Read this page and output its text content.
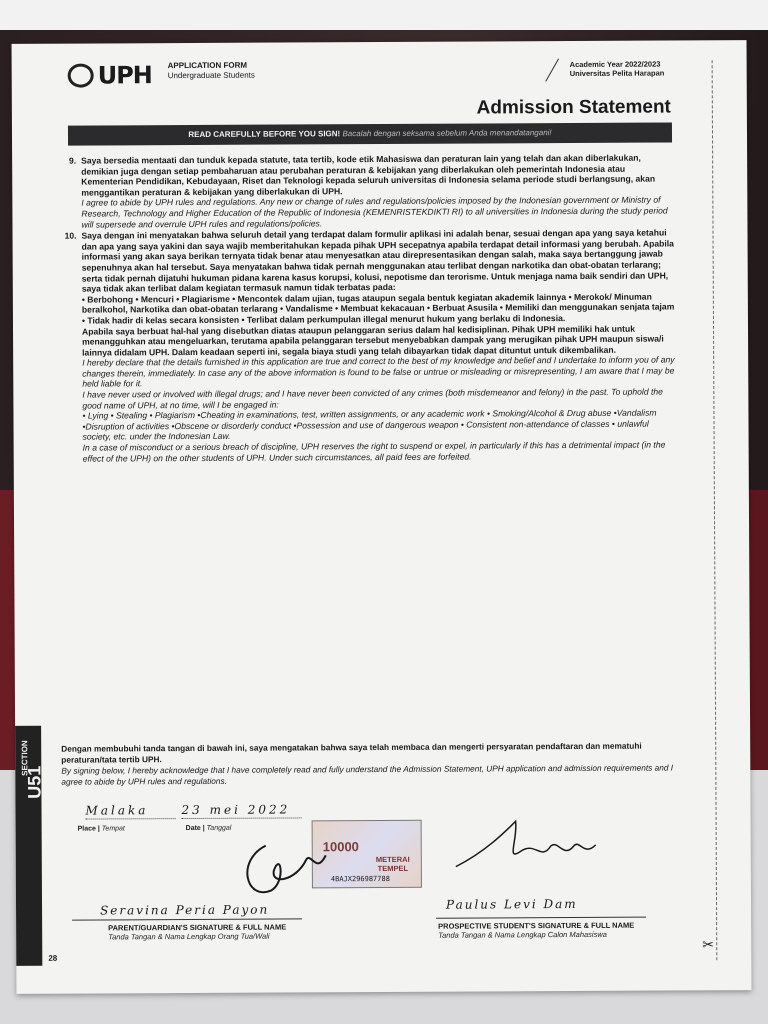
UPH APPLICATION FORM
Undergraduate Students
Academic Year 2022/2023
Universitas Pelita Harapan
Admission Statement
READ CAREFULLY BEFORE YOU SIGN! Bacalah dengan seksama sebelum Anda menandatangani!
9. Saya bersedia mentaati dan tunduk kepada statute, tata tertib, kode etik Mahasiswa dan peraturan lain yang telah dan akan diberlakukan, demikian juga dengan setiap pembaharuan atau perubahan peraturan & kebijakan yang diberlakukan oleh pemerintah Indonesia atau Kementerian Pendidikan, Kebudayaan, Riset dan Teknologi kepada seluruh universitas di Indonesia selama periode studi berlangsung, akan menggantikan peraturan & kebijakan yang diberlakukan di UPH.

I agree to abide by UPH rules and regulations. Any new or change of rules and regulations/policies imposed by the Indonesian government or Ministry of Research, Technology and Higher Education of the Republic of Indonesia (KEMENRISTEKDIKTI RI) to all universities in Indonesia during the study period will supersede and overrule UPH rules and regulations/policies.

10. Saya dengan ini menyatakan bahwa seluruh detail yang terdapat dalam formulir aplikasi ini adalah benar, sesuai dengan apa yang saya ketahui dan apa yang saya yakini dan saya wajib memberitahukan kepada pihak UPH secepatnya apabila terdapat detail informasi yang berubah. Apabila informasi yang akan saya berikan ternyata tidak benar atau menyesatkan atau direpresentasikan dengan salah, maka saya bertanggung jawab sepenuhnya akan hal tersebut. Saya menyatakan bahwa tidak pernah menggunakan atau terlibat dengan narkotika dan obat-obatan terlarang; serta tidak pernah dijatuhi hukuman pidana karena kasus korupsi, kolusi, nepotisme dan terorisme. Untuk menjaga nama baik sendiri dan UPH, saya tidak akan terlibat dalam kegiatan termasuk namun tidak terbatas pada:

• Berbohong • Mencuri • Plagiarisme • Mencontek dalam ujian, tugas ataupun segala bentuk kegiatan akademik lainnya • Merokok/ Minuman beralkohol, Narkotika dan obat-obatan terlarang • Vandalisme • Membuat kekacauan • Berbuat Asusila • Memiliki dan menggunakan senjata tajam • Tidak hadir di kelas secara konsisten • Terlibat dalam perkumpulan illegal menurut hukum yang berlaku di Indonesia.

Apabila saya berbuat hal-hal yang disebutkan diatas ataupun pelanggaran serius dalam hal kedisiplinan. Pihak UPH memiliki hak untuk menangguhkan atau mengeluarkan, terutama apabila pelanggaran tersebut menyebabkan dampak yang merugikan pihak UPH maupun siswa/i lainnya didalam UPH. Dalam keadaan seperti ini, segala biaya studi yang telah dibayarkan tidak dapat dituntut untuk dikembalikan.

I hereby declare that the details furnished in this application are true and correct to the best of my knowledge and belief and I undertake to inform you of any changes therein, immediately. In case any of the above information is found to be false or untrue or misleading or misrepresenting, I am aware that I may be held liable for it.

I have never used or involved with illegal drugs; and I have never been convicted of any crimes (both misdemeanor and felony) in the past. To uphold the good name of UPH, at no time, will I be engaged in:

• Lying • Stealing • Plagiarism •Cheating in examinations, test, written assignments, or any academic work • Smoking/Alcohol & Drug abuse •Vandalism •Disruption of activities •Obscene or disorderly conduct •Possession and use of dangerous weapon • Consistent non-attendance of classes • unlawful society, etc. under the Indonesian Law.

In a case of misconduct or a serious breach of discipline, UPH reserves the right to suspend or expel, in particularly if this has a detrimental impact (in the effect of the UPH) on the other students of UPH. Under such circumstances, all paid fees are forfeited.

SECTION
U51

Dengan membubuhi tanda tangan di bawah ini, saya mengatakan bahwa saya telah membaca dan mengerti persyaratan pendaftaran dan mematuhi peraturan/tata tertib UPH.

By signing below, I hereby acknowledge that I have completely read and fully understand the Admission Statement, UPH application and admission requirements and I agree to abide by UPH rules and regulations.

Malaka	23 mei 2022
Place | Tempat	Date | Tanggal
10000
METERAI TEMPEL
4BAJX296987788
Seravina Peria Payon
PARENT/GUARDIAN'S SIGNATURE & FULL NAME
Tanda Tangan & Nama Lengkap Orang Tua/Wali
Paulus Levi Dam
PROSPECTIVE STUDENT'S SIGNATURE & FULL NAME
Tanda Tangan & Nama Lengkap Calon Mahasiswa
28
✂
